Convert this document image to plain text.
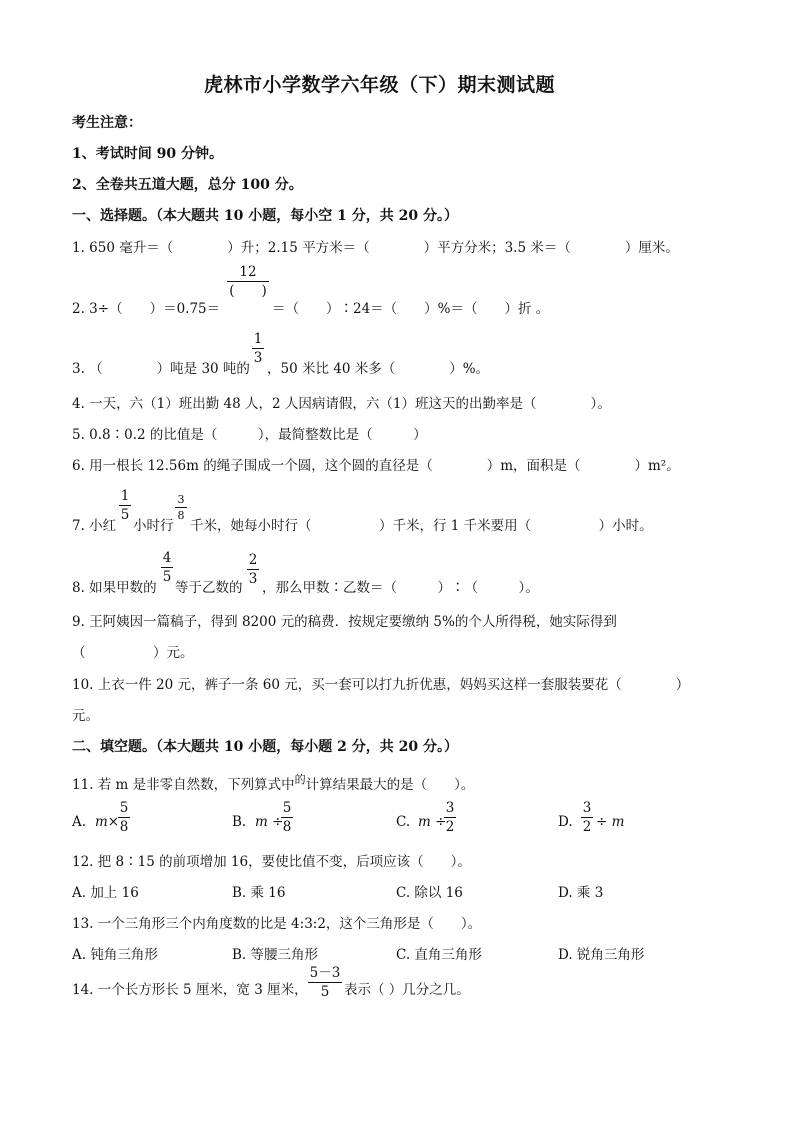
虎林市小学数学六年级（下）期末测试题
考生注意：
1、考试时间 90 分钟。
2、全卷共五道大题，总分 100 分。
一、选择题。（本大题共 10 小题，每小空 1 分，共 20 分。）
1. 650 毫升＝（　　　　）升；2.15 平方米＝（　　　　）平方分米；3.5 米＝（　　　　）厘米。
2. 3÷（　　）＝0.75＝
12
(　　)
＝（　　）∶24＝（　　）%＝（　　）折 。
3. （　　　　）吨是 30 吨的
1
3
，50 米比 40 米多（　　　　）%。
4. 一天，六（1）班出勤 48 人，2 人因病请假，六（1）班这天的出勤率是（　　　　）。
5. 0.8∶0.2 的比值是（　　　），最简整数比是（　　　）
6. 用一根长 12.56m 的绳子围成一个圆，这个圆的直径是（　　　　）m，面积是（　　　　）m²。
7. 小红
1
5
小时行
3
8
千米，她每小时行（　　　　　）千米，行 1 千米要用（　　　　　）小时。
8. 如果甲数的
4
5
等于乙数的
2
3
，那么甲数∶乙数＝（　　　）∶（　　　）。
9. 王阿姨因一篇稿子，得到 8200 元的稿费．按规定要缴纳 5%的个人所得税，她实际得到
（　　　　　）元。
10. 上衣一件 20 元，裤子一条 60 元，买一套可以打九折优惠，妈妈买这样一套服装要花（　　　　）
元。
二、填空题。（本大题共 10 小题，每小题 2 分，共 20 分。）
11. 若 m 是非零自然数，下列算式中$^的$计算结果最大的是（　　）。
A. m×
5
8	B. m ÷
5
8	C. m ÷
3
2	D.
3
2 ÷ m
12. 把 8∶15 的前项增加 16，要使比值不变，后项应该（　　）。
A. 加上 16	B. 乘 16	C. 除以 16	D. 乘 3
13. 一个三角形三个内角度数的比是 4:3:2，这个三角形是（　　）。
A. 钝角三角形	B. 等腰三角形	C. 直角三角形	D. 锐角三角形
14. 一个长方形长 5 厘米，宽 3 厘米，
5－3
5	表示（ ）几分之几。
